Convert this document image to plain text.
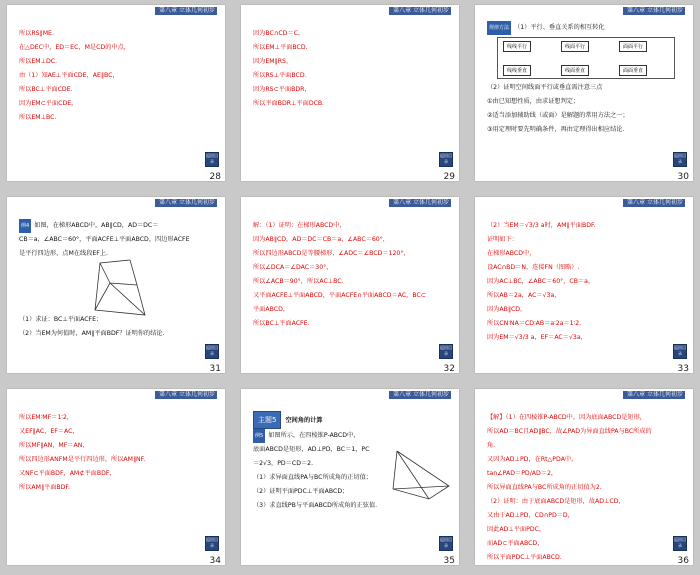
第八章 立体几何初步
所以RS∥ME.
在△DEC中，ED＝EC，M是CD的中点，
所以EM⊥DC.
由（1）知AE⊥平面CDE，AE∥BC，
所以BC⊥平面CDE.
因为EM⊂平面CDE，
所以EM⊥BC.
返回目录
28
第八章 立体几何初步
因为BC∩CD＝C，
所以EM⊥平面BCD.
因为EM∥RS，
所以RS⊥平面BCD.
因为RS⊂平面BDR，
所以平面BDR⊥平面DCB.
返回目录
29
第八章 立体几何初步
规律方法 （1）平行、垂直关系的相互转化
线线平行	线面平行	面面平行
线线垂直	线面垂直	面面垂直
（2）证明空间线面平行或垂直需注意三点
①由已知想性质，由求证想判定；
②适当添加辅助线（或面）是解题的常用方法之一；
③用定理时要先明确条件，再由定理得出相应结论.
返回目录
30
第八章 立体几何初步
例4 如图，在梯形ABCD中，AB∥CD，AD＝DC＝
CB＝a，∠ABC＝60°，平面ACFE⊥平面ABCD，四边形ACFE
是平行四边形，点M在线段EF上.
（1）求证：BC⊥平面ACFE；
（2）当EM为何值时，AM∥平面BDF？证明你的结论.
返回目录
31
第八章 立体几何初步
解：（1）证明：在梯形ABCD中，
因为AB∥CD，AD＝DC＝CB＝a，∠ABC＝60°，
所以四边形ABCD是等腰梯形，∠ADC＝∠BCD＝120°，
所以∠DCA＝∠DAC＝30°，
所以∠ACB＝90°，所以AC⊥BC.
又平面ACFE⊥平面ABCD，平面ACFE∩平面ABCD＝AC，BC⊂
平面ABCD，
所以BC⊥平面ACFE.
返回目录
32
第八章 立体几何初步
（2）当EM＝√3/3 a时，AM∥平面BDF.
证明如下：
在梯形ABCD中，
设AC∩BD＝N，连接FN（图略）.
因为AC⊥BC，∠ABC＝60°，CB＝a，
所以AB＝2a，AC＝√3a，
因为AB∥CD，
所以CN∶NA＝CD∶AB＝a∶2a＝1∶2.
因为EM＝√3/3 a，EF＝AC＝√3a，
返回目录
33
第八章 立体几何初步
所以EM∶MF＝1∶2，
又EF∥AC，EF＝AC，
所以MF∥AN，MF＝AN，
所以四边形ANFM是平行四边形，所以AM∥NF.
又NF⊂平面BDF，AM⊄平面BDF，
所以AM∥平面BDF.
返回目录
34
第八章 立体几何初步
主题5 空间角的计算
例5 如图所示，在四棱锥P-ABCD中，
底面ABCD是矩形，AD⊥PD，BC＝1，PC
＝2√3，PD＝CD＝2.
（1）求异面直线PA与BC所成角的正切值；
（2）证明平面PDC⊥平面ABCD；
（3）求直线PB与平面ABCD所成角的正弦值.
返回目录
35
第八章 立体几何初步
【解】（1）在四棱锥P-ABCD中，因为底面ABCD是矩形，
所以AD＝BC且AD∥BC，故∠PAD为异面直线PA与BC所成的
角.
又因为AD⊥PD，在Rt△PDA中，
tan∠PAD＝PD/AD＝2，
所以异面直线PA与BC所成角的正切值为2.
（2）证明：由于底面ABCD是矩形，故AD⊥CD，
又由于AD⊥PD，CD∩PD＝D，
因此AD⊥平面PDC，
而AD⊂平面ABCD，
所以平面PDC⊥平面ABCD.
返回目录
36
